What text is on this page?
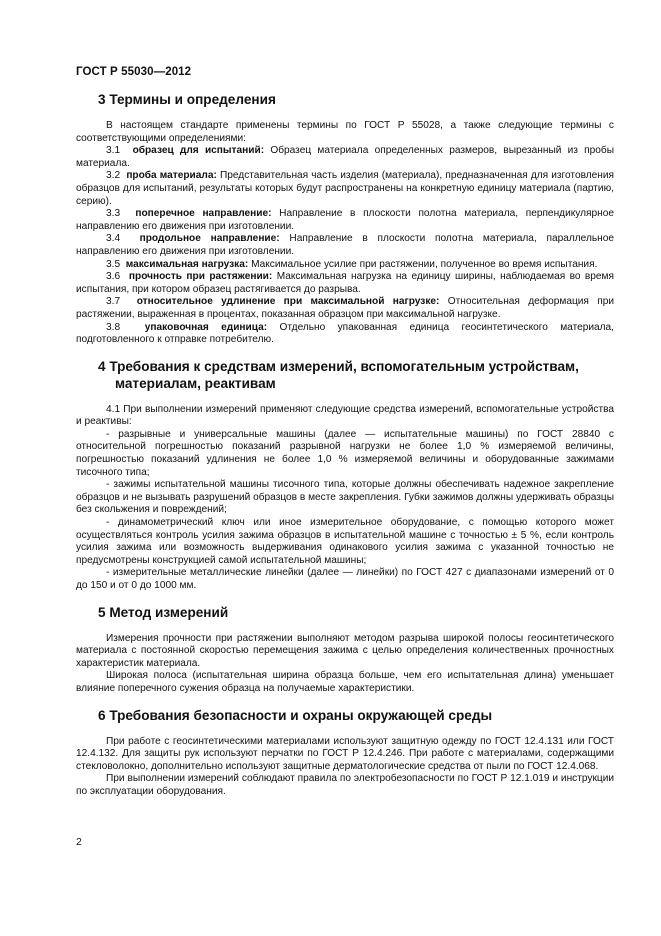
ГОСТ Р 55030—2012
3 Термины и определения

В настоящем стандарте применены термины по ГОСТ Р 55028, а также следующие термины с соответствующими определениями:

3.1 образец для испытаний: Образец материала определенных размеров, вырезанный из пробы материала.

3.2 проба материала: Представительная часть изделия (материала), предназначенная для изготовления образцов для испытаний, результаты которых будут распространены на конкретную единицу материала (партию, серию).

3.3 поперечное направление: Направление в плоскости полотна материала, перпендикулярное направлению его движения при изготовлении.

3.4 продольное направление: Направление в плоскости полотна материала, параллельное направлению его движения при изготовлении.

3.5 максимальная нагрузка: Максимальное усилие при растяжении, полученное во время испытания.

3.6 прочность при растяжении: Максимальная нагрузка на единицу ширины, наблюдаемая во время испытания, при котором образец растягивается до разрыва.

3.7 относительное удлинение при максимальной нагрузке: Относительная деформация при растяжении, выраженная в процентах, показанная образцом при максимальной нагрузке.

3.8 упаковочная единица: Отдельно упакованная единица геосинтетического материала, подготовленного к отправке потребителю.

4 Требования к средствам измерений, вспомогательным устройствам, материалам, реактивам

4.1 При выполнении измерений применяют следующие средства измерений, вспомогательные устройства и реактивы:

- разрывные и универсальные машины (далее — испытательные машины) по ГОСТ 28840 с относительной погрешностью показаний разрывной нагрузки не более 1,0 % измеряемой величины, погрешностью показаний удлинения не более 1,0 % измеряемой величины и оборудованные зажимами тисочного типа;

- зажимы испытательной машины тисочного типа, которые должны обеспечивать надежное закрепление образцов и не вызывать разрушений образцов в месте закрепления. Губки зажимов должны удерживать образцы без скольжения и повреждений;

- динамометрический ключ или иное измерительное оборудование, с помощью которого может осуществляться контроль усилия зажима образцов в испытательной машине с точностью ± 5 %, если контроль усилия зажима или возможность выдерживания одинакового усилия зажима с указанной точностью не предусмотрены конструкцией самой испытательной машины;

- измерительные металлические линейки (далее — линейки) по ГОСТ 427 с диапазонами измерений от 0 до 150 и от 0 до 1000 мм.

5 Метод измерений

Измерения прочности при растяжении выполняют методом разрыва широкой полосы геосинтетического материала с постоянной скоростью перемещения зажима с целью определения количественных прочностных характеристик материала.

Широкая полоса (испытательная ширина образца больше, чем его испытательная длина) уменьшает влияние поперечного сужения образца на получаемые характеристики.

6 Требования безопасности и охраны окружающей среды

При работе с геосинтетическими материалами используют защитную одежду по ГОСТ 12.4.131 или ГОСТ 12.4.132. Для защиты рук используют перчатки по ГОСТ Р 12.4.246. При работе с материалами, содержащими стекловолокно, дополнительно используют защитные дерматологические средства от пыли по ГОСТ 12.4.068.

При выполнении измерений соблюдают правила по электробезопасности по ГОСТ Р 12.1.019 и инструкции по эксплуатации оборудования.

2
